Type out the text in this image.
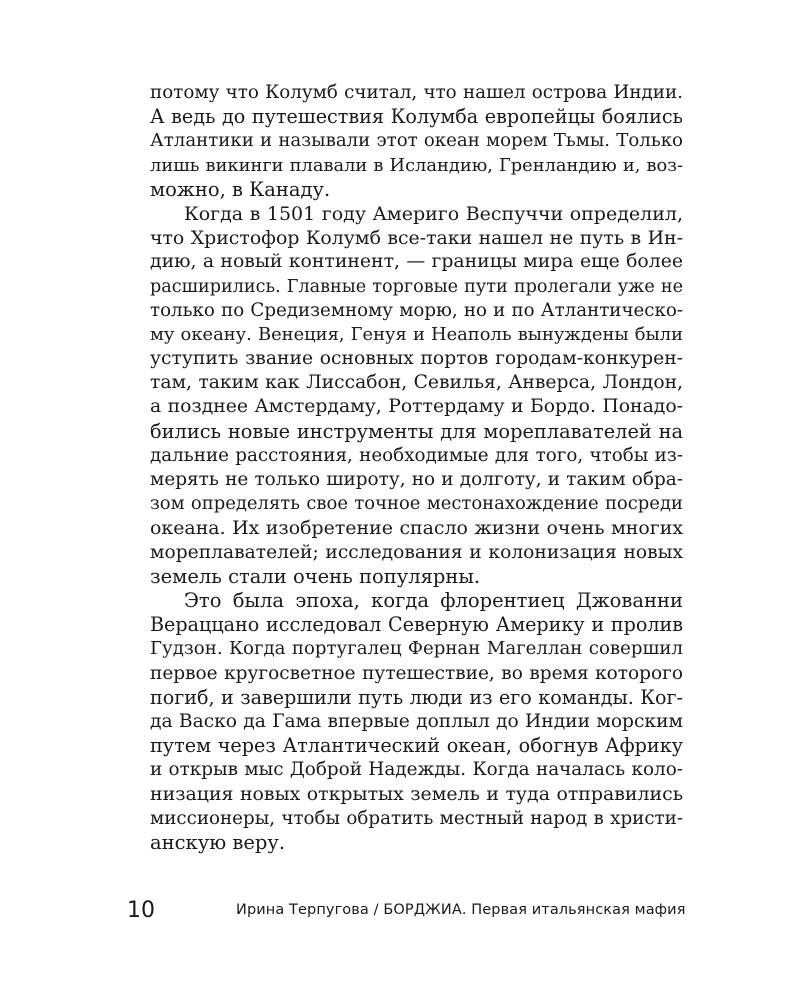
потому что Колумб считал, что нашел острова Индии.
А ведь до путешествия Колумба европейцы боялись
Атлантики и называли этот океан морем Тьмы. Только
лишь викинги плавали в Исландию, Гренландию и, воз-
можно, в Канаду.
Когда в 1501 году Америго Веспуччи определил,
что Христофор Колумб все-таки нашел не путь в Ин-
дию, а новый континент, — границы мира еще более
расширились. Главные торговые пути пролегали уже не
только по Средиземному морю, но и по Атлантическо-
му океану. Венеция, Генуя и Неаполь вынуждены были
уступить звание основных портов городам-конкурен-
там, таким как Лиссабон, Севилья, Анверса, Лондон,
а позднее Амстердаму, Роттердаму и Бордо. Понадо-
бились новые инструменты для мореплавателей на
дальние расстояния, необходимые для того, чтобы из-
мерять не только широту, но и долготу, и таким обра-
зом определять свое точное местонахождение посреди
океана. Их изобретение спасло жизни очень многих
мореплавателей; исследования и колонизация новых
земель стали очень популярны.
Это была эпоха, когда флорентиец Джованни
Вераццано исследовал Северную Америку и пролив
Гудзон. Когда португалец Фернан Магеллан совершил
первое кругосветное путешествие, во время которого
погиб, и завершили путь люди из его команды. Ког-
да Васко да Гама впервые доплыл до Индии морским
путем через Атлантический океан, обогнув Африку
и открыв мыс Доброй Надежды. Когда началась коло-
низация новых открытых земель и туда отправились
миссионеры, чтобы обратить местный народ в христи-
анскую веру.
10	Ирина Терпугова / БОРДЖИА. Первая итальянская мафия
